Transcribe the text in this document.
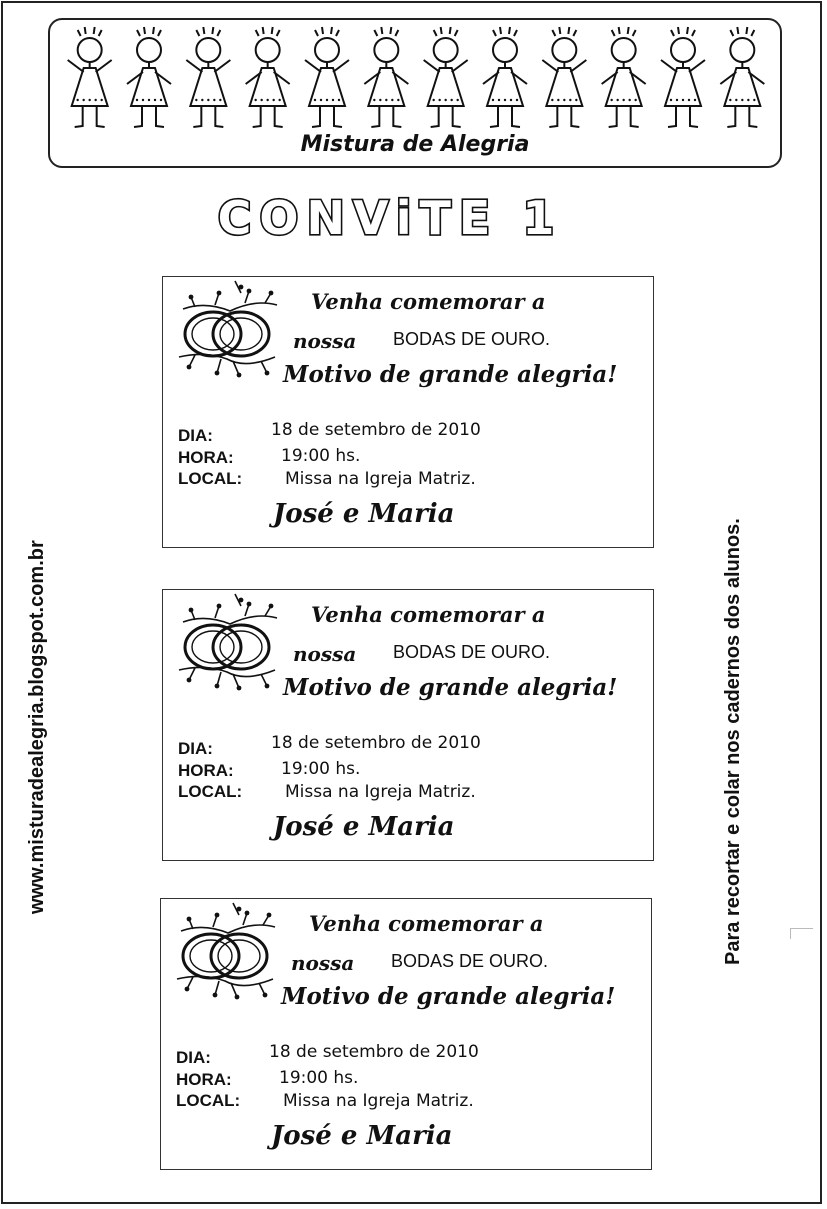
Mistura de Alegria
CONViTE 1
www.misturadealegria.blogspot.com.br	Para recortar e colar nos cadernos dos alunos.
Venha comemorar a
nossa BODAS DE OURO.
Motivo de grande alegria!
DIA:
HORA:
LOCAL:
18 de setembro de 2010
19:00 hs.
Missa na Igreja Matriz.
José e Maria
Venha comemorar a
nossa BODAS DE OURO.
Motivo de grande alegria!
DIA:
HORA:
LOCAL:
18 de setembro de 2010
19:00 hs.
Missa na Igreja Matriz.
José e Maria
Venha comemorar a
nossa BODAS DE OURO.
Motivo de grande alegria!
DIA:
HORA:
LOCAL:
18 de setembro de 2010
19:00 hs.
Missa na Igreja Matriz.
José e Maria
